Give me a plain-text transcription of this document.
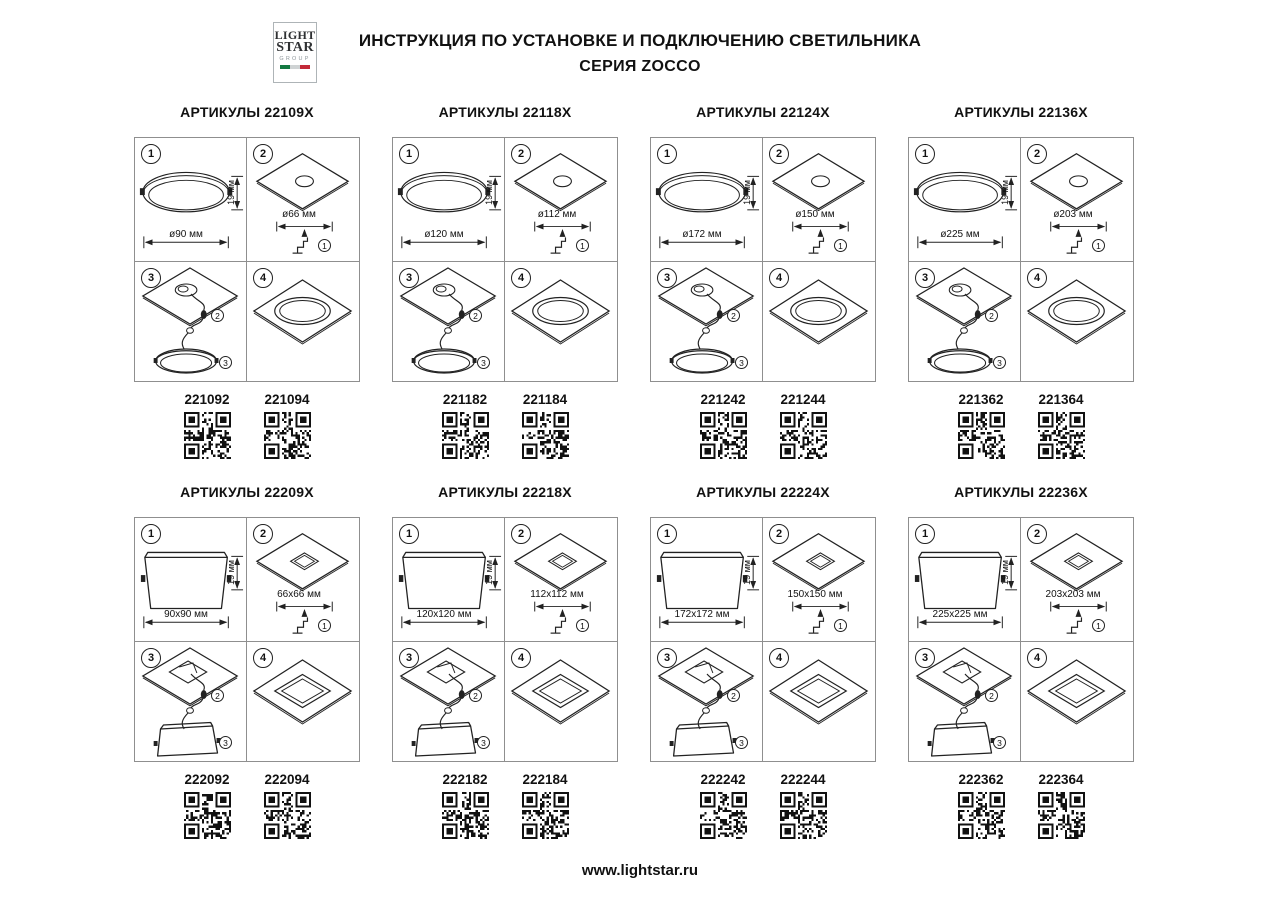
LIGHT
STAR
GROUP
ИНСТРУКЦИЯ ПО УСТАНОВКЕ И ПОДКЛЮЧЕНИЮ СВЕТИЛЬНИКА
СЕРИЯ ZOCCO
АРТИКУЛЫ 22109X
1
ø90 мм
19 мм
2
ø66 мм
1
3
2
3
4
221092	221094
АРТИКУЛЫ 22118X
1
ø120 мм
19 мм
2
ø112 мм
1
3
2
3
4
221182	221184
АРТИКУЛЫ 22124X
1
ø172 мм
19 мм
2
ø150 мм
1
3
2
3
4
221242	221244
АРТИКУЛЫ 22136X
1
ø225 мм
19 мм
2
ø203 мм
1
3
2
3
4
221362	221364
АРТИКУЛЫ 22209X
1
90x90 мм
19 мм
2
66x66 мм
1
3
2
3
4
222092	222094
АРТИКУЛЫ 22218X
1
120x120 мм
19 мм
2
112x112 мм
1
3
2
3
4
222182	222184
АРТИКУЛЫ 22224X
1
172x172 мм
19 мм
2
150x150 мм
1
3
2
3
4
222242	222244
АРТИКУЛЫ 22236X
1
225x225 мм
19 мм
2
203x203 мм
1
3
2
3
4
222362	222364
www.lightstar.ru
